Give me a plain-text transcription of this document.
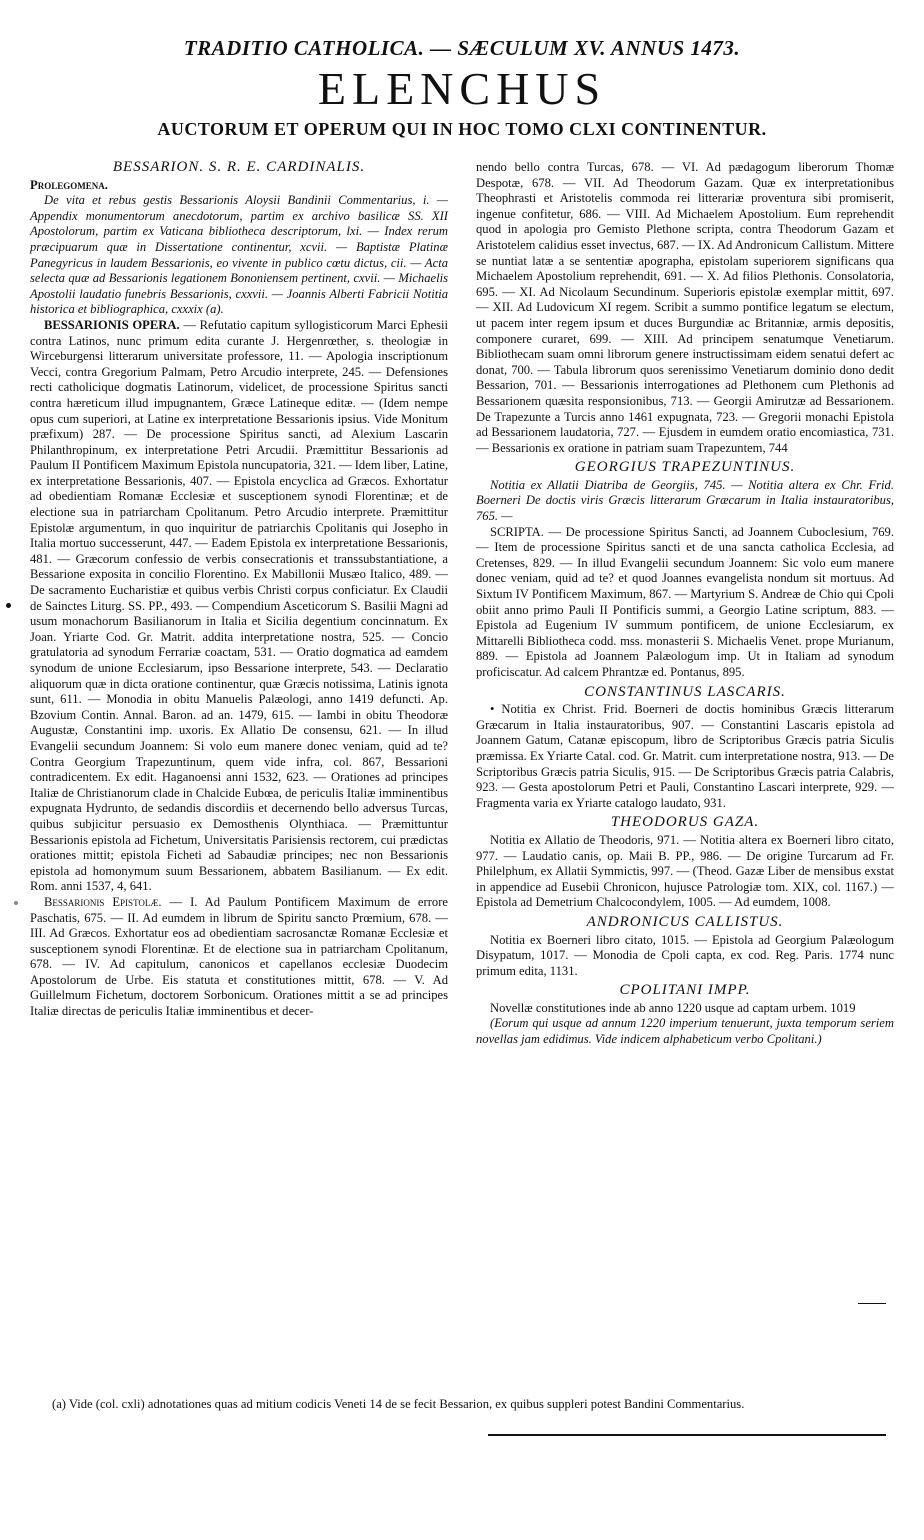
TRADITIO CATHOLICA. — SÆCULUM XV. ANNUS 1473.
ELENCHUS
AUCTORUM ET OPERUM QUI IN HOC TOMO CLXI CONTINENTUR.
BESSARION. S. R. E. CARDINALIS.

Prolegomena.

De vita et rebus gestis Bessarionis Aloysii Bandinii Commentarius, i. — Appendix monumentorum anecdotorum, partim ex archivo basilicæ SS. XII Apostolorum, partim ex Vaticana bibliotheca descriptorum, lxi. — Index rerum præcipuarum quæ in Dissertatione continentur, xcvii. — Baptistæ Platinæ Panegyricus in laudem Bessarionis, eo vivente in publico cœtu dictus, cii. — Acta selecta quæ ad Bessarionis legationem Bononiensem pertinent, cxvii. — Michaelis Apostolii laudatio funebris Bessarionis, cxxvii. — Joannis Alberti Fabricii Notitia historica et bibliographica, cxxxix (a).

BESSARIONIS OPERA. — Refutatio capitum syllogisticorum Marci Ephesii contra Latinos, nunc primum edita curante J. Hergenrœther, s. theologiæ in Wirceburgensi litterarum universitate professore, 11. — Apologia inscriptionum Vecci, contra Gregorium Palmam, Petro Arcudio interprete, 245. — Defensiones recti catholicique dogmatis Latinorum, videlicet, de processione Spiritus sancti contra hæreticum illud impugnantem, Græce Latineque editæ. — (Idem nempe opus cum superiori, at Latine ex interpretatione Bessarionis ipsius. Vide Monitum præfixum) 287. — De processione Spiritus sancti, ad Alexium Lascarin Philanthropinum, ex interpretatione Petri Arcudii. Præmittitur Bessarionis ad Paulum II Pontificem Maximum Epistola nuncupatoria, 321. — Idem liber, Latine, ex interpretatione Bessarionis, 407. — Epistola encyclica ad Græcos. Exhortatur ad obedientiam Romanæ Ecclesiæ et susceptionem synodi Florentinæ; et de electione sua in patriarcham Cpolitanum. Petro Arcudio interprete. Præmittitur Epistolæ argumentum, in quo inquiritur de patriarchis Cpolitanis qui Josepho in Italia mortuo successerunt, 447. — Eadem Epistola ex interpretatione Bessarionis, 481. — Græcorum confessio de verbis consecrationis et transsubstantiatione, a Bessarione exposita in concilio Florentino. Ex Mabillonii Musæo Italico, 489. — De sacramento Eucharistiæ et quibus verbis Christi corpus conficiatur. Ex Claudii de Sainctes Liturg. SS. PP., 493. — Compendium Asceticorum S. Basilii Magni ad usum monachorum Basilianorum in Italia et Sicilia degentium concinnatum. Ex Joan. Yriarte Cod. Gr. Matrit. addita interpretatione nostra, 525. — Concio gratulatoria ad synodum Ferrariæ coactam, 531. — Oratio dogmatica ad eamdem synodum de unione Ecclesiarum, ipso Bessarione interprete, 543. — Declaratio aliquorum quæ in dicta oratione continentur, quæ Græcis notissima, Latinis ignota sunt, 611. — Monodia in obitu Manuelis Palæologi, anno 1419 defuncti. Ap. Bzovium Contin. Annal. Baron. ad an. 1479, 615. — Iambi in obitu Theodoræ Augustæ, Constantini imp. uxoris. Ex Allatio De consensu, 621. — In illud Evangelii secundum Joannem: Si volo eum manere donec veniam, quid ad te? Contra Georgium Trapezuntinum, quem vide infra, col. 867, Bessarioni contradicentem. Ex edit. Haganoensi anni 1532, 623. — Orationes ad principes Italiæ de Christianorum clade in Chalcide Eubœa, de periculis Italiæ imminentibus expugnata Hydrunto, de sedandis discordiis et decernendo bello adversus Turcas, quibus subjicitur persuasio ex Demosthenis Olynthiaca. — Præmittuntur Bessarionis epistola ad Fichetum, Universitatis Parisiensis rectorem, cui prædictas orationes mittit; epistola Ficheti ad Sabaudiæ principes; nec non Bessarionis epistola ad homonymum suum Bessarionem, abbatem Basilianum. — Ex edit. Rom. anni 1537, 4, 641.

Bessarionis Epistolæ. — I. Ad Paulum Pontificem Maximum de errore Paschatis, 675. — II. Ad eumdem in librum de Spiritu sancto Prœmium, 678. — III. Ad Græcos. Exhortatur eos ad obedientiam sacrosanctæ Romanæ Ecclesiæ et susceptionem synodi Florentinæ. Et de electione sua in patriarcham Cpolitanum, 678. — IV. Ad capitulum, canonicos et capellanos ecclesiæ Duodecim Apostolorum de Urbe. Eis statuta et constitutiones mittit, 678. — V. Ad Guillelmum Fichetum, doctorem Sorbonicum. Orationes mittit a se ad principes Italiæ directas de periculis Italiæ imminentibus et decer-

nendo bello contra Turcas, 678. — VI. Ad pædagogum liberorum Thomæ Despotæ, 678. — VII. Ad Theodorum Gazam. Quæ ex interpretationibus Theophrasti et Aristotelis commoda rei litterariæ proventura sibi promiserit, ingenue confitetur, 686. — VIII. Ad Michaelem Apostolium. Eum reprehendit quod in apologia pro Gemisto Plethone scripta, contra Theodorum Gazam et Aristotelem calidius esset invectus, 687. — IX. Ad Andronicum Callistum. Mittere se nuntiat latæ a se sententiæ apographa, epistolam superiorem significans qua Michaelem Apostolium reprehendit, 691. — X. Ad filios Plethonis. Consolatoria, 695. — XI. Ad Nicolaum Secundinum. Superioris epistolæ exemplar mittit, 697. — XII. Ad Ludovicum XI regem. Scribit a summo pontifice legatum se electum, ut pacem inter regem ipsum et duces Burgundiæ ac Britanniæ, armis depositis, componere curaret, 699. — XIII. Ad principem senatumque Venetiarum. Bibliothecam suam omni librorum genere instructissimam eidem senatui defert ac donat, 700. — Tabula librorum quos serenissimo Venetiarum dominio dono dedit Bessarion, 701. — Bessarionis interrogationes ad Plethonem cum Plethonis ad Bessarionem quæsita responsionibus, 713. — Georgii Amirutzæ ad Bessarionem. De Trapezunte a Turcis anno 1461 expugnata, 723. — Gregorii monachi Epistola ad Bessarionem laudatoria, 727. — Ejusdem in eumdem oratio encomiastica, 731. — Bessarionis ex oratione in patriam suam Trapezuntem, 744

GEORGIUS TRAPEZUNTINUS.

Notitia ex Allatii Diatriba de Georgiis, 745. — Notitia altera ex Chr. Frid. Boerneri De doctis viris Græcis litterarum Græcarum in Italia instauratoribus, 765. —

SCRIPTA. — De processione Spiritus Sancti, ad Joannem Cuboclesium, 769. — Item de processione Spiritus sancti et de una sancta catholica Ecclesia, ad Cretenses, 829. — In illud Evangelii secundum Joannem: Sic volo eum manere donec veniam, quid ad te? et quod Joannes evangelista nondum sit mortuus. Ad Sixtum IV Pontificem Maximum, 867. — Martyrium S. Andreæ de Chio qui Cpoli obiit anno primo Pauli II Pontificis summi, a Georgio Latine scriptum, 883. — Epistola ad Eugenium IV summum pontificem, de unione Ecclesiarum, ex Mittarelli Bibliotheca codd. mss. monasterii S. Michaelis Venet. prope Murianum, 889. — Epistola ad Joannem Palæologum imp. Ut in Italiam ad synodum proficiscatur. Ad calcem Phrantzæ ed. Pontanus, 895.

CONSTANTINUS LASCARIS.

• Notitia ex Christ. Frid. Boerneri de doctis hominibus Græcis litterarum Græcarum in Italia instauratoribus, 907. — Constantini Lascaris epistola ad Joannem Gatum, Catanæ episcopum, libro de Scriptoribus Græcis patria Siculis præmissa. Ex Yriarte Catal. cod. Gr. Matrit. cum interpretatione nostra, 913. — De Scriptoribus Græcis patria Siculis, 915. — De Scriptoribus Græcis patria Calabris, 923. — Gesta apostolorum Petri et Pauli, Constantino Lascari interprete, 929. — Fragmenta varia ex Yriarte catalogo laudato, 931.

THEODORUS GAZA.

Notitia ex Allatio de Theodoris, 971. — Notitia altera ex Boerneri libro citato, 977. — Laudatio canis, op. Maii B. PP., 986. — De origine Turcarum ad Fr. Philelphum, ex Allatii Symmictis, 997. — (Theod. Gazæ Liber de mensibus exstat in appendice ad Eusebii Chronicon, hujusce Patrologiæ tom. XIX, col. 1167.) — Epistola ad Demetrium Chalcocondylem, 1005. — Ad eumdem, 1008.

ANDRONICUS CALLISTUS.

Notitia ex Boerneri libro citato, 1015. — Epistola ad Georgium Palæologum Disypatum, 1017. — Monodia de Cpoli capta, ex cod. Reg. Paris. 1774 nunc primum edita, 1131.

CPOLITANI IMPP.

Novellæ constitutiones inde ab anno 1220 usque ad captam urbem. 1019

(Eorum qui usque ad annum 1220 imperium tenuerunt, juxta temporum seriem novellas jam edidimus. Vide indicem alphabeticum verbo Cpolitani.)

(a) Vide (col. cxli) adnotationes quas ad mitium codicis Veneti 14 de se fecit Bessarion, ex quibus suppleri potest Bandini Commentarius.
